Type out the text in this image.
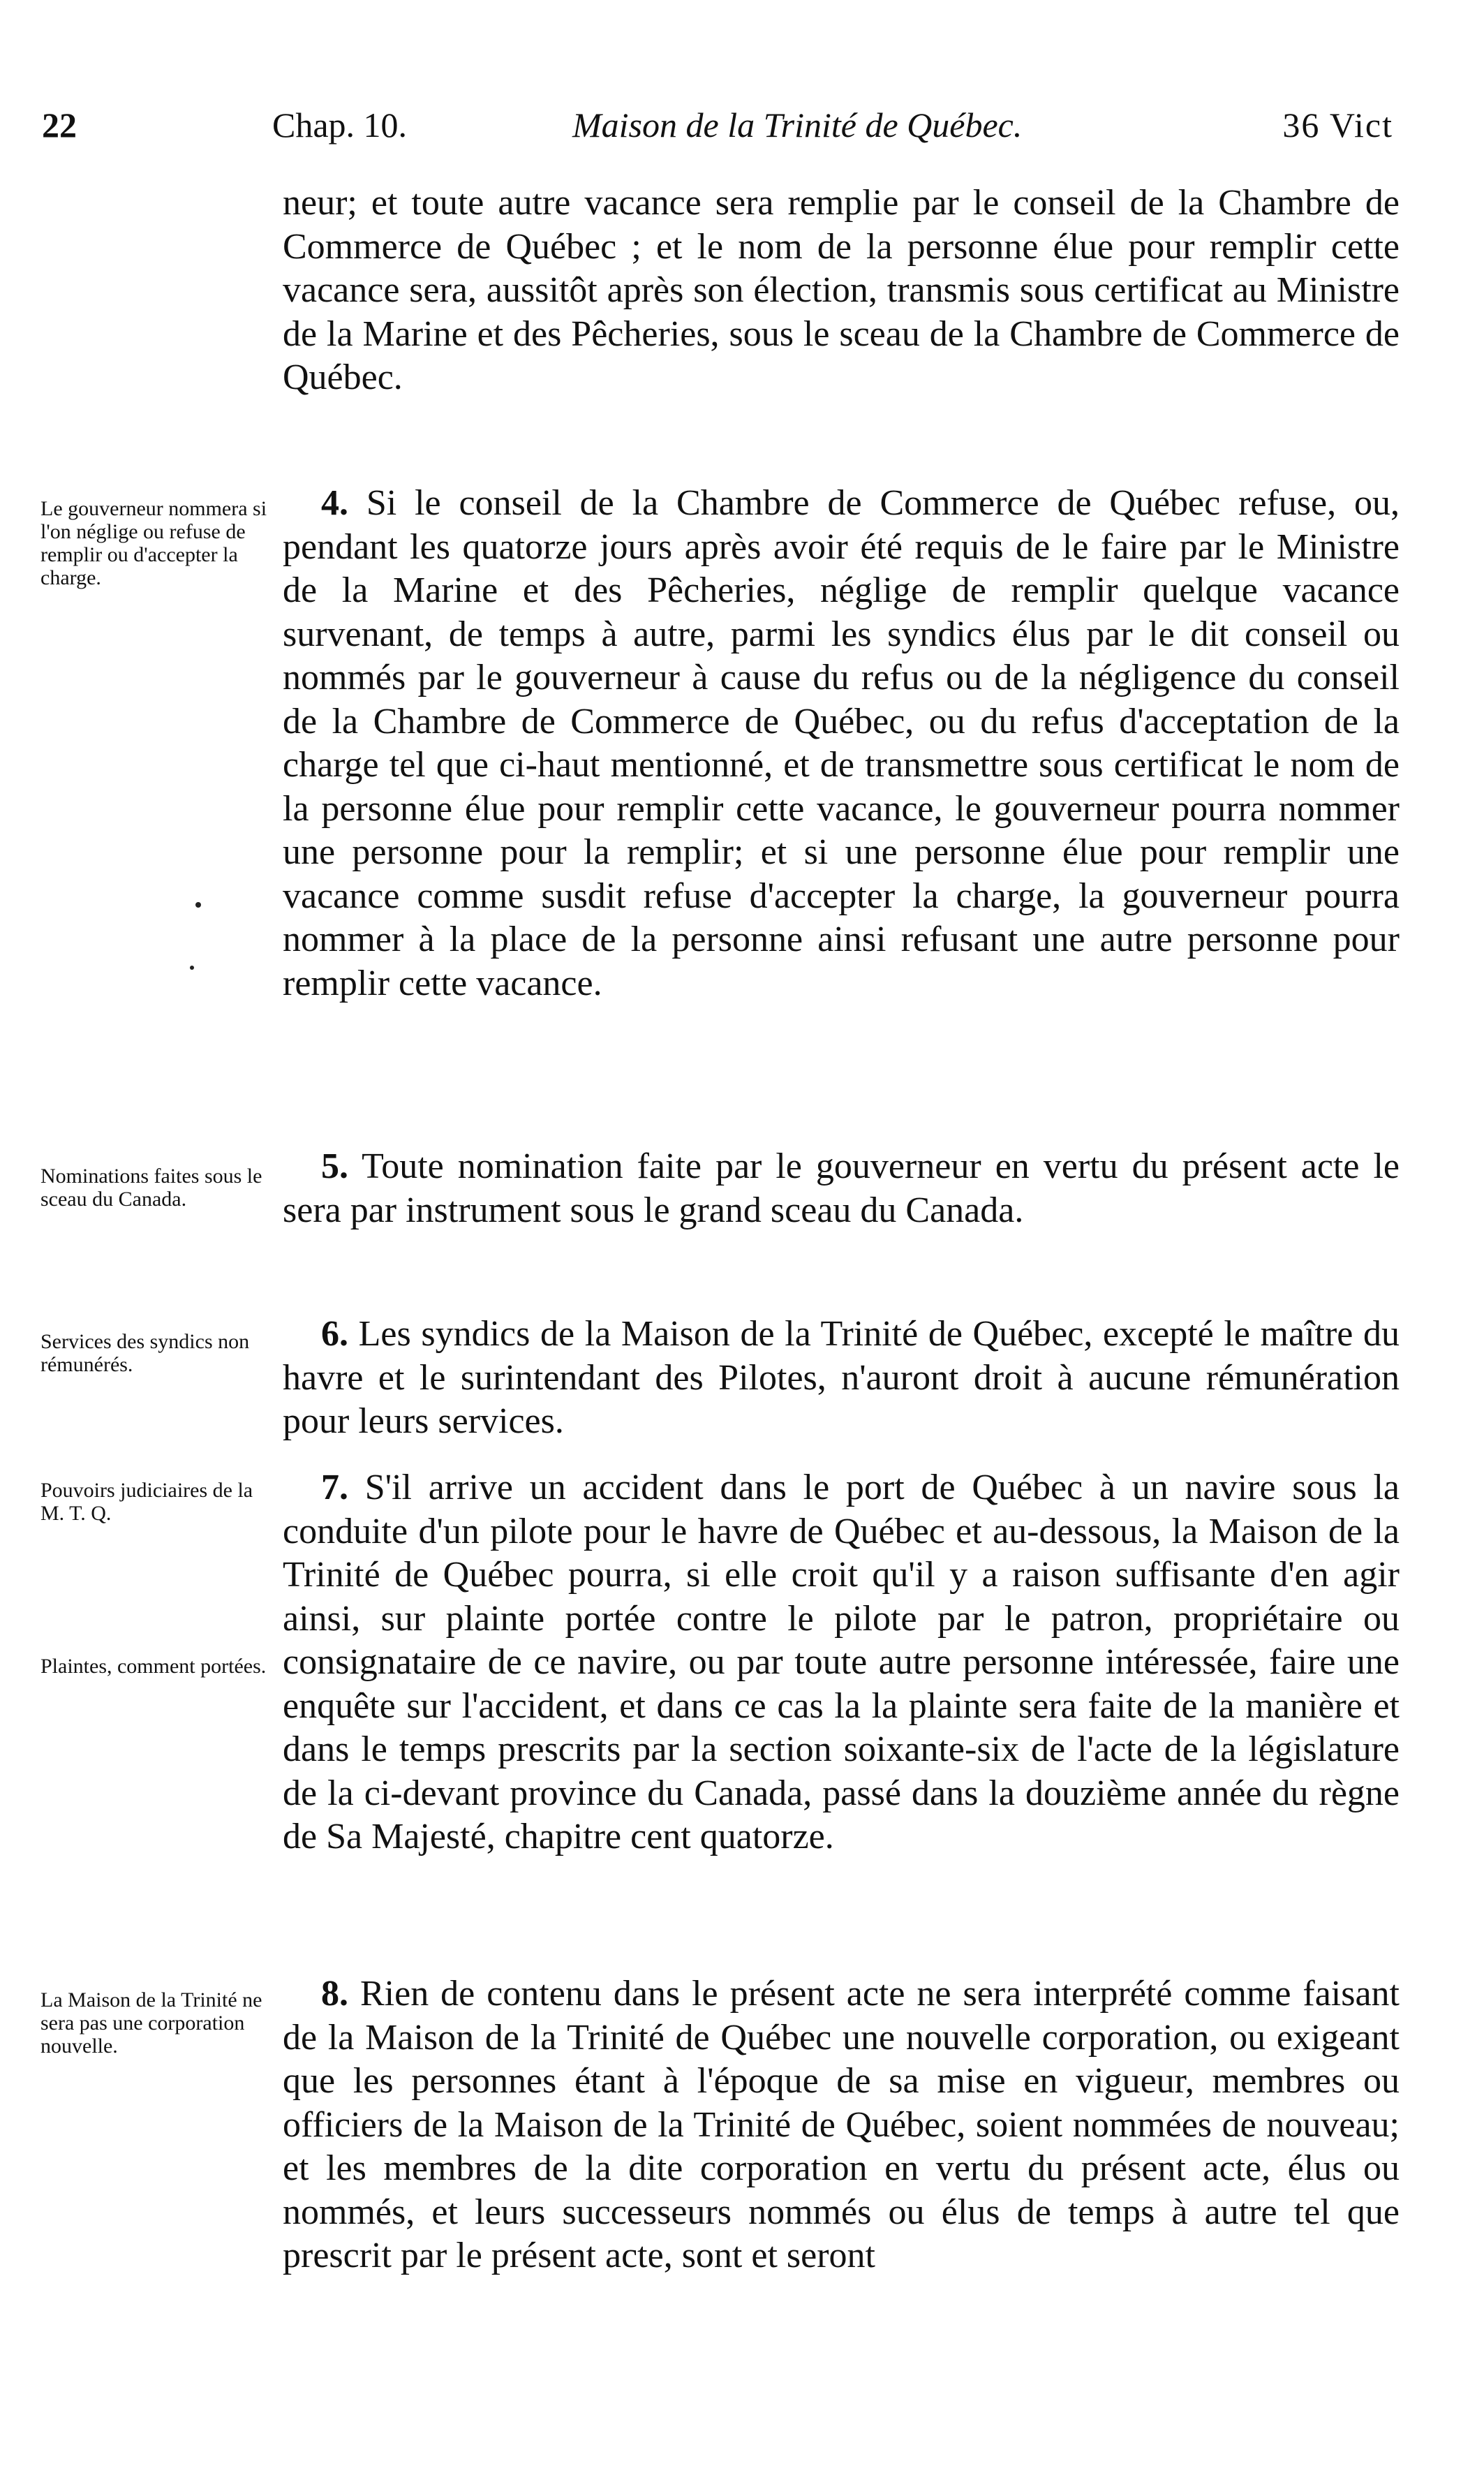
22	Chap. 10.	Maison de la Trinité de Québec.	36 Vict

neur; et toute autre vacance sera remplie par le conseil de la Chambre de Commerce de Québec ; et le nom de la personne élue pour remplir cette vacance sera, aussitôt après son élection, transmis sous certificat au Ministre de la Marine et des Pêcheries, sous le sceau de la Chambre de Commerce de Québec.

Le gouverneur nommera si l'on néglige ou refuse de remplir ou d'accepter la charge.

4. Si le conseil de la Chambre de Commerce de Québec refuse, ou, pendant les quatorze jours après avoir été requis de le faire par le Ministre de la Marine et des Pêcheries, néglige de remplir quelque vacance survenant, de temps à autre, parmi les syndics élus par le dit conseil ou nommés par le gouverneur à cause du refus ou de la négligence du conseil de la Chambre de Commerce de Québec, ou du refus d'acceptation de la charge tel que ci-haut mentionné, et de transmettre sous certificat le nom de la personne élue pour remplir cette vacance, le gouverneur pourra nommer une personne pour la remplir; et si une personne élue pour remplir une vacance comme susdit refuse d'accepter la charge, la gouverneur pourra nommer à la place de la personne ainsi refusant une autre personne pour remplir cette vacance.

Nominations faites sous le sceau du Canada.

5. Toute nomination faite par le gouverneur en vertu du présent acte le sera par instrument sous le grand sceau du Canada.

Services des syndics non rémunérés.

6. Les syndics de la Maison de la Trinité de Québec, excepté le maître du havre et le surintendant des Pilotes, n'auront droit à aucune rémunération pour leurs services.

Pouvoirs judiciaires de la M. T. Q.

Plaintes, comment portées.

7. S'il arrive un accident dans le port de Québec à un navire sous la conduite d'un pilote pour le havre de Québec et au-dessous, la Maison de la Trinité de Québec pourra, si elle croit qu'il y a raison suffisante d'en agir ainsi, sur plainte portée contre le pilote par le patron, propriétaire ou consignataire de ce navire, ou par toute autre personne intéressée, faire une enquête sur l'accident, et dans ce cas la la plainte sera faite de la manière et dans le temps prescrits par la section soixante-six de l'acte de la législature de la ci-devant province du Canada, passé dans la douzième année du règne de Sa Majesté, chapitre cent quatorze.

La Maison de la Trinité ne sera pas une corporation nouvelle.

8. Rien de contenu dans le présent acte ne sera interprété comme faisant de la Maison de la Trinité de Québec une nouvelle corporation, ou exigeant que les personnes étant à l'époque de sa mise en vigueur, membres ou officiers de la Maison de la Trinité de Québec, soient nommées de nouveau; et les membres de la dite corporation en vertu du présent acte, élus ou nommés, et leurs successeurs nommés ou élus de temps à autre tel que prescrit par le présent acte, sont et seront
